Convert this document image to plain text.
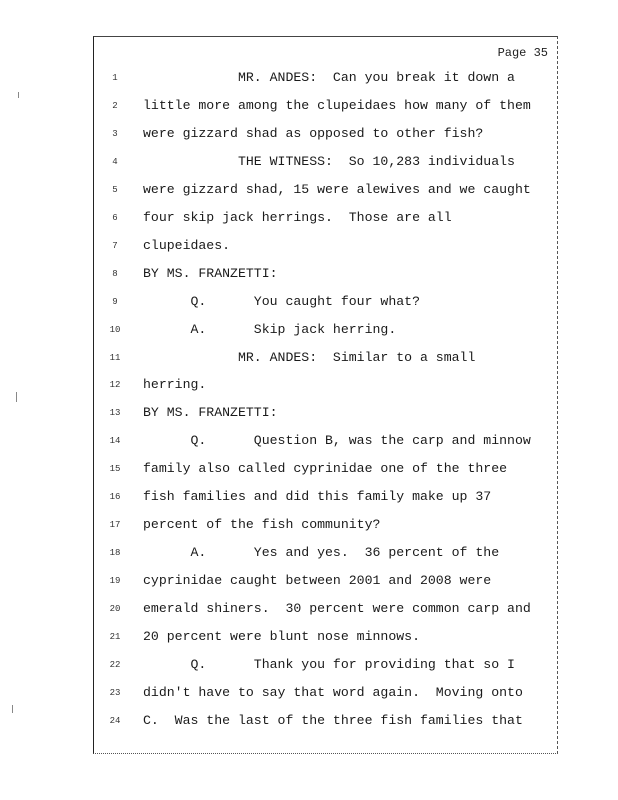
Page 35
1	MR. ANDES:  Can you break it down a
2	little more among the clupeidaes how many of them
3	were gizzard shad as opposed to other fish?
4	THE WITNESS:  So 10,283 individuals
5	were gizzard shad, 15 were alewives and we caught
6	four skip jack herrings.  Those are all
7	clupeidaes.
8	BY MS. FRANZETTI:
9	Q.      You caught four what?
10	A.      Skip jack herring.
11	MR. ANDES:  Similar to a small
12	herring.
13	BY MS. FRANZETTI:
14	Q.      Question B, was the carp and minnow
15	family also called cyprinidae one of the three
16	fish families and did this family make up 37
17	percent of the fish community?
18	A.      Yes and yes.  36 percent of the
19	cyprinidae caught between 2001 and 2008 were
20	emerald shiners.  30 percent were common carp and
21	20 percent were blunt nose minnows.
22	Q.      Thank you for providing that so I
23	didn't have to say that word again.  Moving onto
24	C.  Was the last of the three fish families that
